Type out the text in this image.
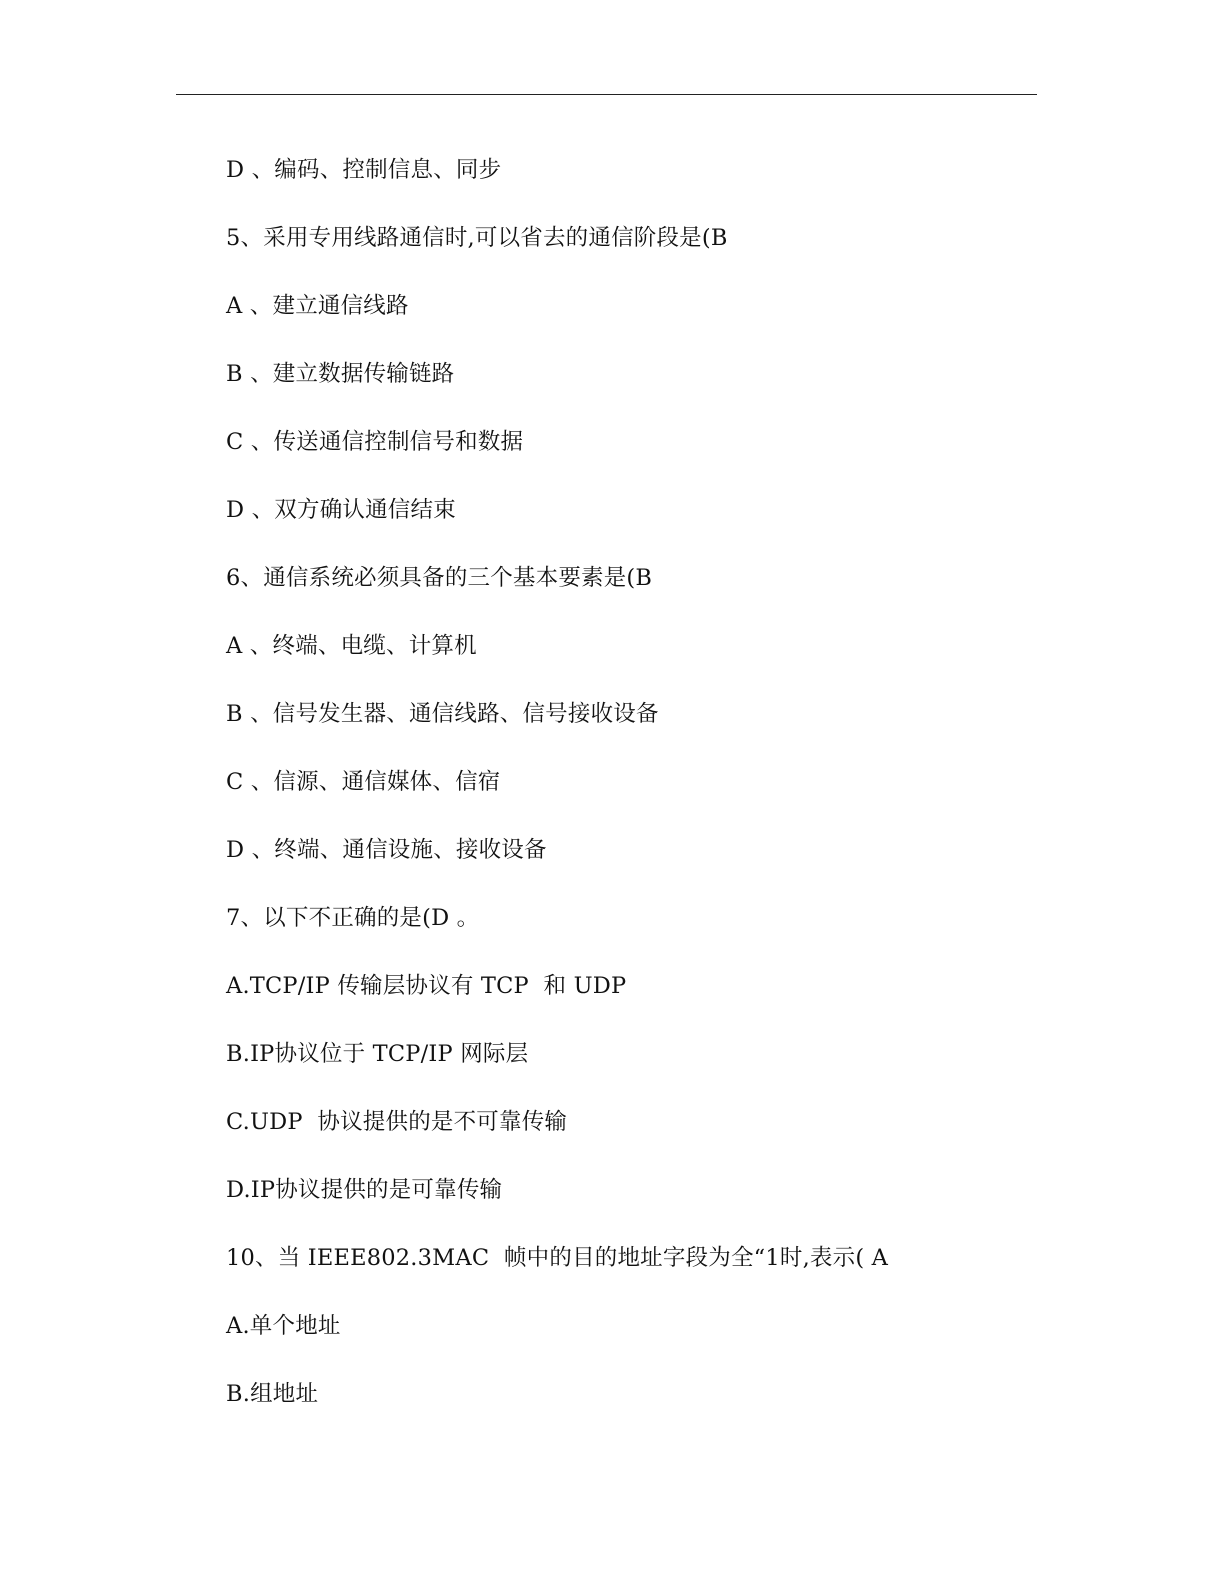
D 、编码、控制信息、同步
5、采用专用线路通信时,可以省去的通信阶段是(B
A 、建立通信线路
B 、建立数据传输链路
C 、传送通信控制信号和数据
D 、双方确认通信结束
6、通信系统必须具备的三个基本要素是(B
A 、终端、电缆、计算机
B 、信号发生器、通信线路、信号接收设备
C 、信源、通信媒体、信宿
D 、终端、通信设施、接收设备
7、以下不正确的是(D 。
A.TCP/IP 传输层协议有 TCP  和 UDP
B.IP协议位于 TCP/IP 网际层
C.UDP  协议提供的是不可靠传输
D.IP协议提供的是可靠传输
10、当 IEEE802.3MAC  帧中的目的地址字段为全“1时,表示( A
A.单个地址
B.组地址
